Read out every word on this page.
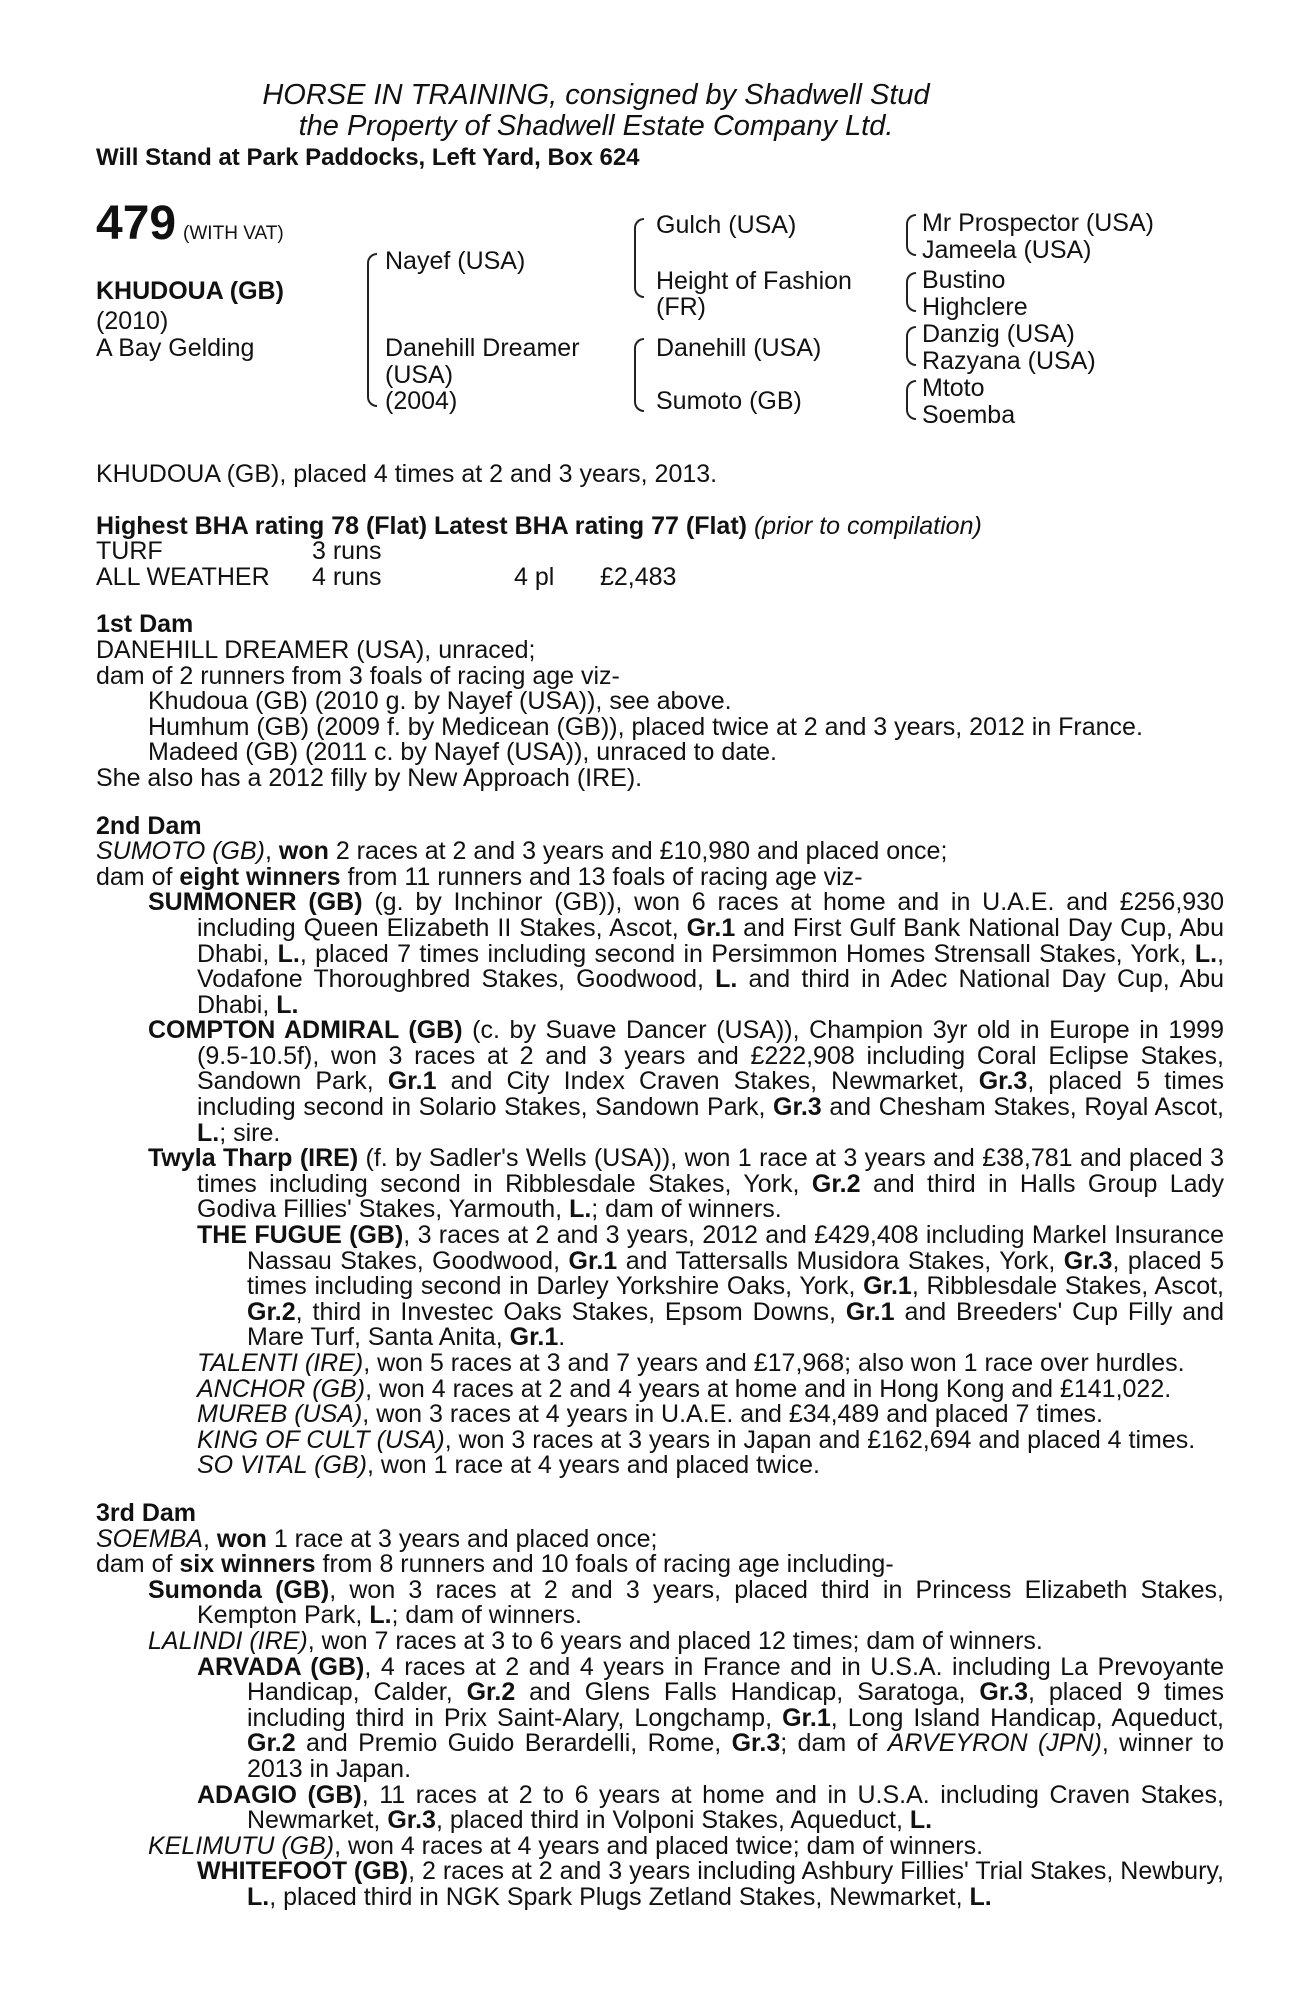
HORSE IN TRAINING, consigned by Shadwell Stud
the Property of Shadwell Estate Company Ltd.
Will Stand at Park Paddocks, Left Yard, Box 624
479 (WITH VAT)
KHUDOUA (GB)
(2010)
A Bay Gelding
Nayef (USA)
Danehill Dreamer
(USA)
(2004)
Gulch (USA)
Height of Fashion
(FR)
Danehill (USA)
Sumoto (GB)
Mr Prospector (USA)
Jameela (USA)
Bustino
Highclere
Danzig (USA)
Razyana (USA)
Mtoto
Soemba

KHUDOUA (GB), placed 4 times at 2 and 3 years, 2013.

Highest BHA rating 78 (Flat) Latest BHA rating 77 (Flat) (prior to compilation)
TURF	3 runs
ALL WEATHER	4 runs	4 pl	£2,483
1st Dam
DANEHILL DREAMER (USA), unraced;
dam of 2 runners from 3 foals of racing age viz-
Khudoua (GB) (2010 g. by Nayef (USA)), see above.
Humhum (GB) (2009 f. by Medicean (GB)), placed twice at 2 and 3 years, 2012 in France.
Madeed (GB) (2011 c. by Nayef (USA)), unraced to date.
She also has a 2012 filly by New Approach (IRE).
2nd Dam
SUMOTO (GB), won 2 races at 2 and 3 years and £10,980 and placed once;
dam of eight winners from 11 runners and 13 foals of racing age viz-
SUMMONER (GB) (g. by Inchinor (GB)), won 6 races at home and in U.A.E. and £256,930 including Queen Elizabeth II Stakes, Ascot, Gr.1 and First Gulf Bank National Day Cup, Abu Dhabi, L., placed 7 times including second in Persimmon Homes Strensall Stakes, York, L., Vodafone Thoroughbred Stakes, Goodwood, L. and third in Adec National Day Cup, Abu Dhabi, L.
COMPTON ADMIRAL (GB) (c. by Suave Dancer (USA)), Champion 3yr old in Europe in 1999 (9.5-10.5f), won 3 races at 2 and 3 years and £222,908 including Coral Eclipse Stakes, Sandown Park, Gr.1 and City Index Craven Stakes, Newmarket, Gr.3, placed 5 times including second in Solario Stakes, Sandown Park, Gr.3 and Chesham Stakes, Royal Ascot, L.; sire.
Twyla Tharp (IRE) (f. by Sadler's Wells (USA)), won 1 race at 3 years and £38,781 and placed 3 times including second in Ribblesdale Stakes, York, Gr.2 and third in Halls Group Lady Godiva Fillies' Stakes, Yarmouth, L.; dam of winners.
THE FUGUE (GB), 3 races at 2 and 3 years, 2012 and £429,408 including Markel Insurance Nassau Stakes, Goodwood, Gr.1 and Tattersalls Musidora Stakes, York, Gr.3, placed 5 times including second in Darley Yorkshire Oaks, York, Gr.1, Ribblesdale Stakes, Ascot, Gr.2, third in Investec Oaks Stakes, Epsom Downs, Gr.1 and Breeders' Cup Filly and Mare Turf, Santa Anita, Gr.1.
TALENTI (IRE), won 5 races at 3 and 7 years and £17,968; also won 1 race over hurdles.
ANCHOR (GB), won 4 races at 2 and 4 years at home and in Hong Kong and £141,022.
MUREB (USA), won 3 races at 4 years in U.A.E. and £34,489 and placed 7 times.
KING OF CULT (USA), won 3 races at 3 years in Japan and £162,694 and placed 4 times.
SO VITAL (GB), won 1 race at 4 years and placed twice.
3rd Dam
SOEMBA, won 1 race at 3 years and placed once;
dam of six winners from 8 runners and 10 foals of racing age including-
Sumonda (GB), won 3 races at 2 and 3 years, placed third in Princess Elizabeth Stakes, Kempton Park, L.; dam of winners.
LALINDI (IRE), won 7 races at 3 to 6 years and placed 12 times; dam of winners.
ARVADA (GB), 4 races at 2 and 4 years in France and in U.S.A. including La Prevoyante Handicap, Calder, Gr.2 and Glens Falls Handicap, Saratoga, Gr.3, placed 9 times including third in Prix Saint-Alary, Longchamp, Gr.1, Long Island Handicap, Aqueduct, Gr.2 and Premio Guido Berardelli, Rome, Gr.3; dam of ARVEYRON (JPN), winner to 2013 in Japan.
ADAGIO (GB), 11 races at 2 to 6 years at home and in U.S.A. including Craven Stakes, Newmarket, Gr.3, placed third in Volponi Stakes, Aqueduct, L.
KELIMUTU (GB), won 4 races at 4 years and placed twice; dam of winners.
WHITEFOOT (GB), 2 races at 2 and 3 years including Ashbury Fillies' Trial Stakes, Newbury, L., placed third in NGK Spark Plugs Zetland Stakes, Newmarket, L.
